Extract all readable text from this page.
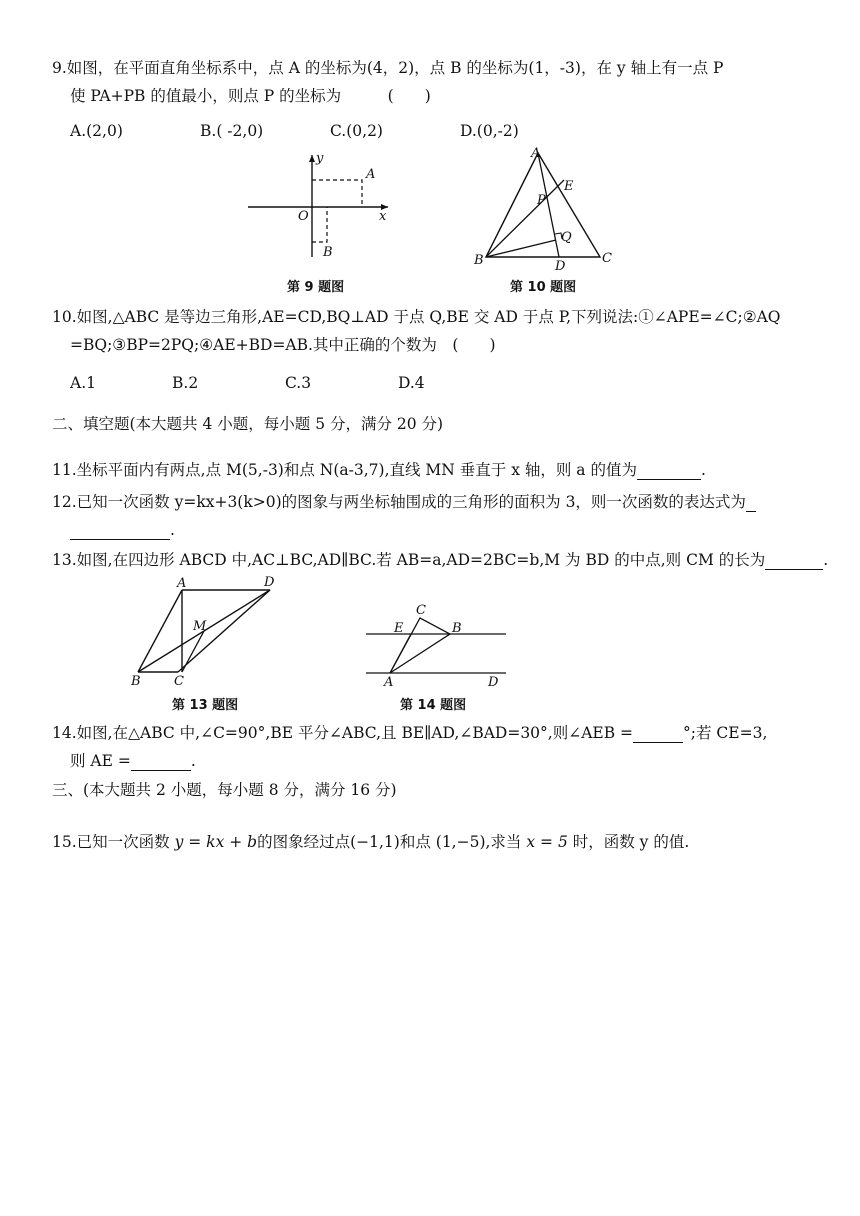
9.如图，在平面直角坐标系中，点 A 的坐标为(4，2)，点 B 的坐标为(1，-3)，在 y 轴上有一点 P
使 PA+PB 的值最小，则点 P 的坐标为　　　(　　)
A.(2,0)	B.( -2,0)	C.(0,2)	D.(0,-2)
y
x
O
A
B
第 9 题图
A
E
P
Q
B	D
C
第 10 题图
10.如图,△ABC 是等边三角形,AE=CD,BQ⊥AD 于点 Q,BE 交 AD 于点 P,下列说法:①∠APE=∠C;②AQ
=BQ;③BP=2PQ;④AE+BD=AB.其中正确的个数为　(　　)
A.1	B.2	C.3	D.4
二、填空题(本大题共 4 小题，每小题 5 分，满分 20 分)
11.坐标平面内有两点,点 M(5,-3)和点 N(a-3,7),直线 MN 垂直于 x 轴，则 a 的值为	.
12.已知一次函数 y=kx+3(k>0)的图象与两坐标轴围成的三角形的面积为 3，则一次函数的表达式为
.
13.如图,在四边形 ABCD 中,AC⊥BC,AD∥BC.若 AB=a,AD=2BC=b,M 为 BD 的中点,则 CM 的长为	.
A	D
M
B	C
第 13 题图
C
E	B
A	D
第 14 题图
14.如图,在△ABC 中,∠C=90°,BE 平分∠ABC,且 BE∥AD,∠BAD=30°,则∠AEB =	°;若 CE=3,
则 AE =	.
三、(本大题共 2 小题，每小题 8 分，满分 16 分)
15.已知一次函数 y = kx + b的图象经过点(−1,1)和点 (1,−5),求当 x = 5 时，函数 y 的值.
